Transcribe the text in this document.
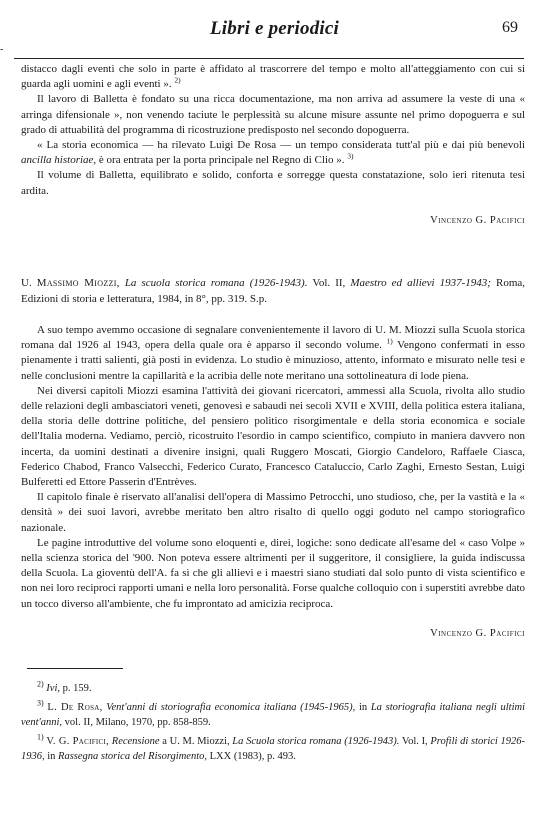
Libri e periodici	69
-

distacco dagli eventi che solo in parte è affidato al trascorrere del tempo e molto all'atteggiamento con cui si guarda agli uomini e agli eventi ». $^{2)}$

Il lavoro di Balletta è fondato su una ricca documentazione, ma non arriva ad assumere la veste di una « arringa difensionale », non venendo taciute le perplessità su alcune misure assunte nel primo dopoguerra e sul grado di attuabilità del programma di ricostruzione predisposto nel secondo dopoguerra.

« La storia economica — ha rilevato Luigi De Rosa — un tempo considerata tutt'al più e dai più benevoli ancilla historiae, è ora entrata per la porta principale nel Regno di Clio ». $^{3)}$

Il volume di Balletta, equilibrato e solido, conforta e sorregge questa constatazione, solo ieri ritenuta tesi ardita.

Vincenzo G. Pacifici

U. Massimo Miozzi, La scuola storica romana (1926-1943). Vol. II, Maestro ed allievi 1937-1943; Roma, Edizioni di storia e letteratura, 1984, in 8°, pp. 319. S.p.

A suo tempo avemmo occasione di segnalare convenientemente il lavoro di U. M. Miozzi sulla Scuola storica romana dal 1926 al 1943, opera della quale ora è apparso il secondo volume. $^{1)}$ Vengono confermati in esso pienamente i tratti salienti, già posti in evidenza. Lo studio è minuzioso, attento, informato e misurato nelle tesi e nelle conclusioni mentre la capillarità e la acribia delle note meritano una sottolineatura di lode piena.

Nei diversi capitoli Miozzi esamina l'attività dei giovani ricercatori, ammessi alla Scuola, rivolta allo studio delle relazioni degli ambasciatori veneti, genovesi e sabaudi nei secoli XVII e XVIII, della politica estera italiana, della storia delle dottrine politiche, del pensiero politico risorgimentale e della storia economica e sociale dell'Italia moderna. Vediamo, perciò, ricostruito l'esordio in campo scientifico, compiuto in maniera davvero non incerta, da uomini destinati a divenire insigni, quali Ruggero Moscati, Giorgio Candeloro, Raffaele Ciasca, Federico Chabod, Franco Valsecchi, Federico Curato, Francesco Cataluccio, Carlo Zaghi, Ernesto Sestan, Luigi Bulferetti ed Ettore Passerin d'Entrèves.

Il capitolo finale è riservato all'analisi dell'opera di Massimo Petrocchi, uno studioso, che, per la vastità e la « densità » dei suoi lavori, avrebbe meritato ben altro risalto di quello oggi goduto nel campo storiografico nazionale.

Le pagine introduttive del volume sono eloquenti e, direi, logiche: sono dedicate all'esame del « caso Volpe » nella scienza storica del '900. Non poteva essere altrimenti per il suggeritore, il consigliere, la guida indiscussa della Scuola. La gioventù dell'A. fa sì che gli allievi e i maestri siano studiati dal solo punto di vista scientifico e non nei loro reciproci rapporti umani e nella loro personalità. Forse qualche colloquio con i superstiti avrebbe dato un tocco diverso all'ambiente, che fu improntato ad amicizia reciproca.

Vincenzo G. Pacifici

$^{2)}$ Ivi, p. 159.

$^{3)}$ L. De Rosa, Vent'anni di storiografia economica italiana (1945-1965), in La storiografia italiana negli ultimi vent'anni, vol. II, Milano, 1970, pp. 858-859.

$^{1)}$ V. G. Pacifici, Recensione a U. M. Miozzi, La Scuola storica romana (1926-1943). Vol. I, Profili di storici 1926-1936, in Rassegna storica del Risorgimento, LXX (1983), p. 493.
